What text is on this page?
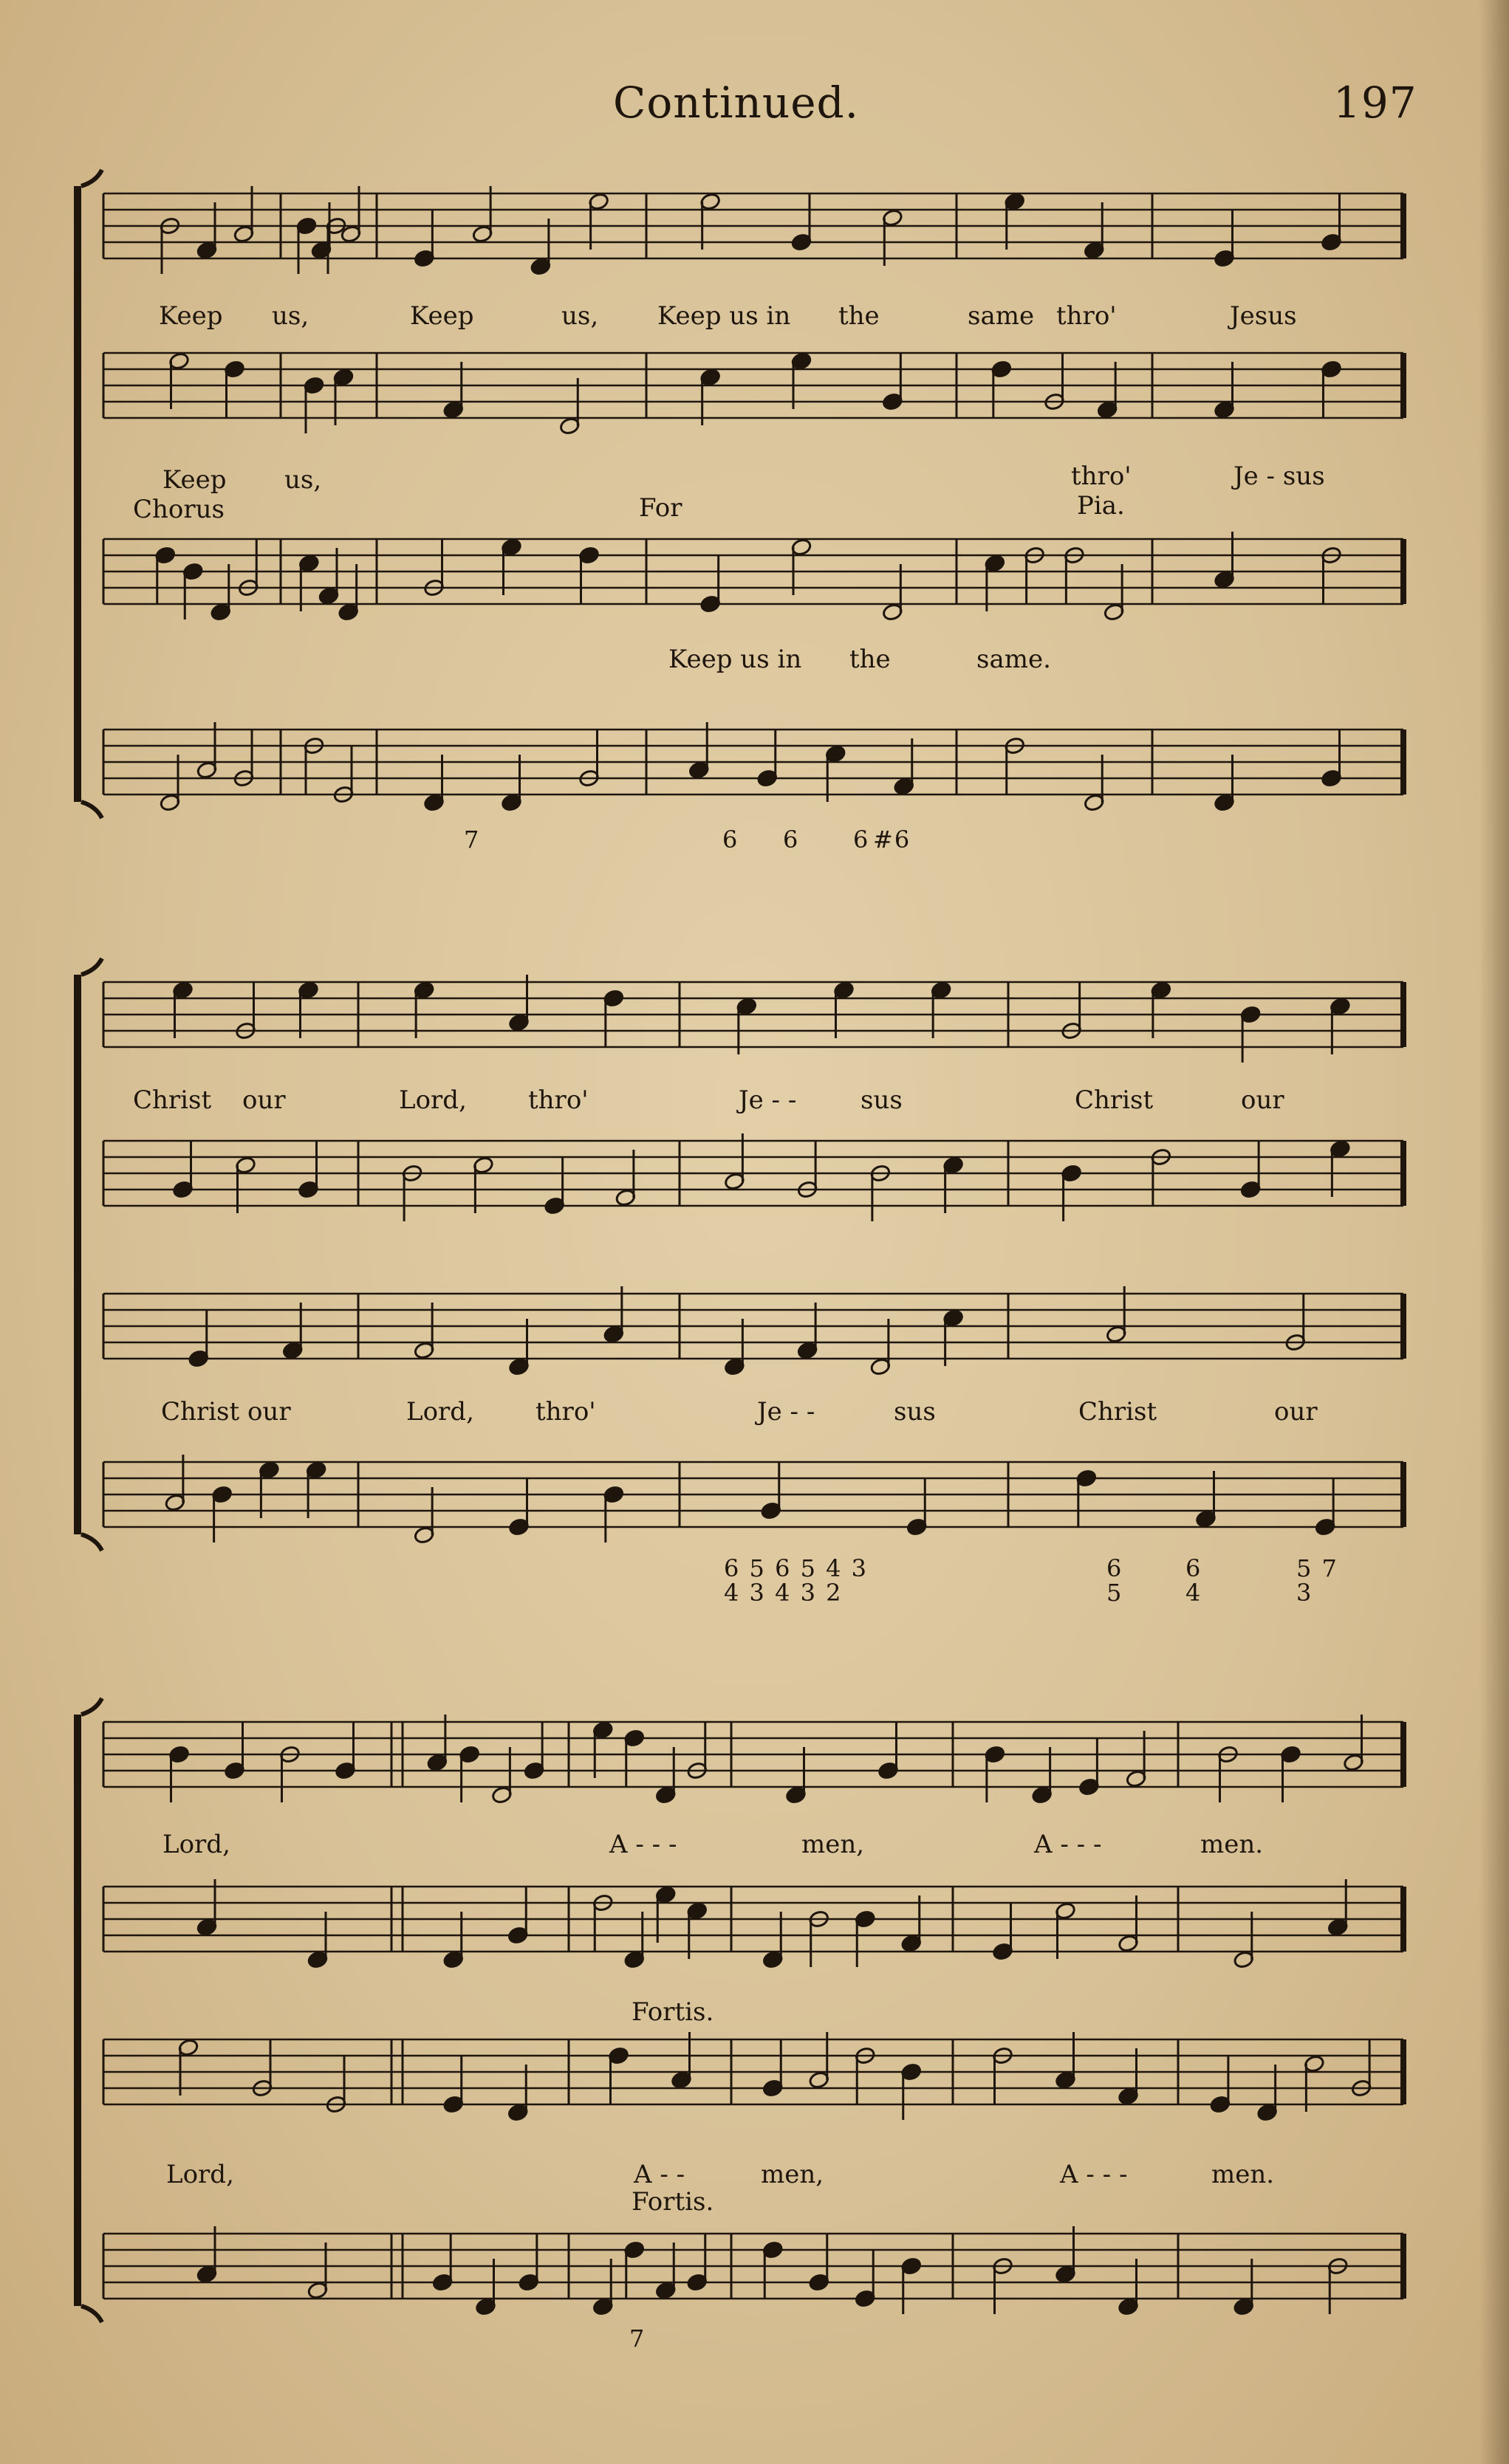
Continued.	197
Keep us,	Keep	us, Keep us in the	same thro'	Jesus
Keep us,	thro'	Je - sus
Chorus	For	Pia.
Keep us in the	same.
7	6 6 6 #6
Christ our	Lord, thro'	Je - -	sus	Christ	our
Christ our	Lord, thro'	Je - -	sus	Christ	our
6 5 6 5 4 3
4 3 4 3 2
6
5
6
4
5 7
3
Lord,	A - - -	men,	A - - -	men.
Fortis.
Lord,	A - -	men,	A - - -	men.
Fortis.
7
